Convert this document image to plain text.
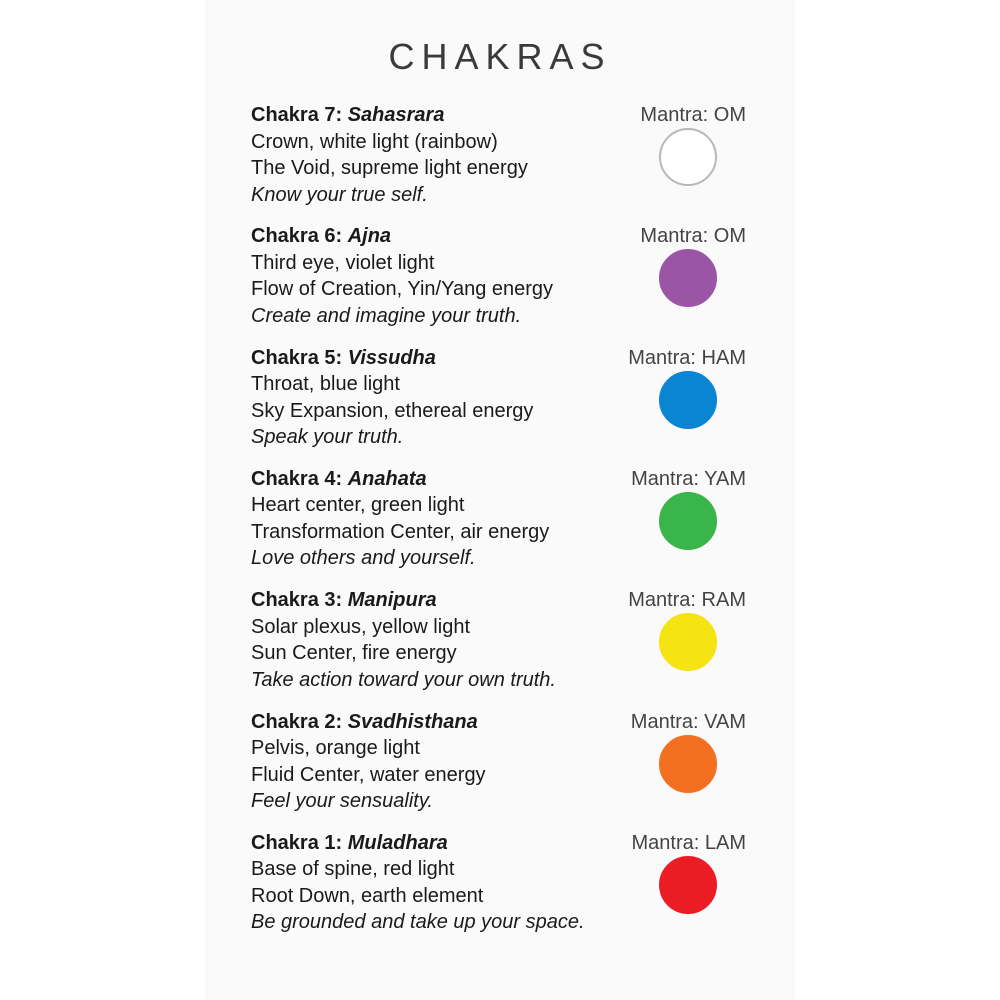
CHAKRAS
Chakra 7: Sahasrara
Crown, white light (rainbow)
The Void, supreme light energy
Know your true self.
Mantra: OM
Chakra 6: Ajna
Third eye, violet light
Flow of Creation, Yin/Yang energy
Create and imagine your truth.
Mantra: OM
Chakra 5: Vissudha
Throat, blue light
Sky Expansion, ethereal energy
Speak your truth.
Mantra: HAM
Chakra 4: Anahata
Heart center, green light
Transformation Center, air energy
Love others and yourself.
Mantra: YAM
Chakra 3: Manipura
Solar plexus, yellow light
Sun Center, fire energy
Take action toward your own truth.
Mantra: RAM
Chakra 2: Svadhisthana
Pelvis, orange light
Fluid Center, water energy
Feel your sensuality.
Mantra: VAM
Chakra 1: Muladhara
Base of spine, red light
Root Down, earth element
Be grounded and take up your space.
Mantra: LAM
